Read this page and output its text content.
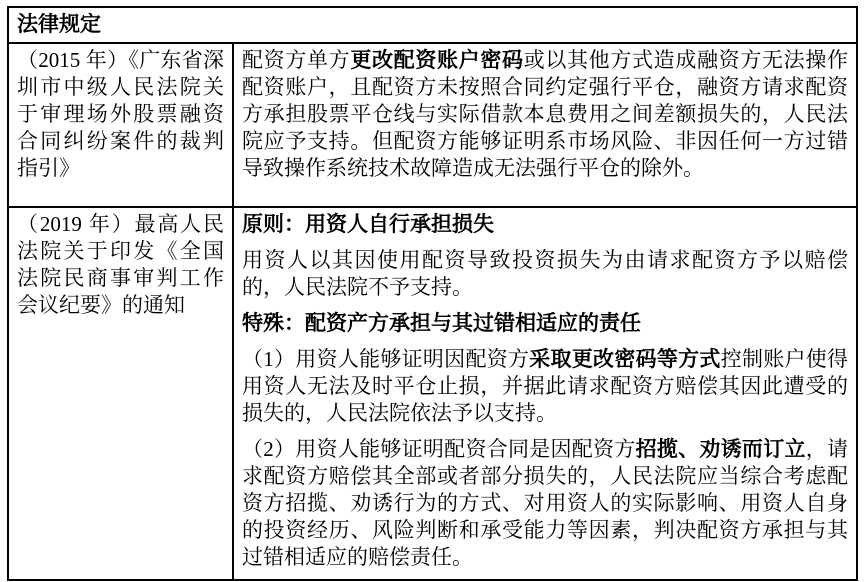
法律规定	

（2015 年）《广东省深圳市中级人民法院关于审理场外股票融资合同纠纷案件的裁判指引》	配资方单方更改配资账户密码或以其他方式造成融资方无法操作配资账户，且配资方未按照合同约定强行平仓，融资方请求配资方承担股票平仓线与实际借款本息费用之间差额损失的，人民法院应予支持。但配资方能够证明系市场风险、非因任何一方过错导致操作系统技术故障造成无法强行平仓的除外。

（2019 年）最高人民法院关于印发《全国法院民商事审判工作会议纪要》的通知	原则：用资人自行承担损失

用资人以其因使用配资导致投资损失为由请求配资方予以赔偿的，人民法院不予支持。

特殊：配资产方承担与其过错相适应的责任

（1）用资人能够证明因配资方采取更改密码等方式控制账户使得用资人无法及时平仓止损，并据此请求配资方赔偿其因此遭受的损失的，人民法院依法予以支持。

（2）用资人能够证明配资合同是因配资方招揽、劝诱而订立，请求配资方赔偿其全部或者部分损失的，人民法院应当综合考虑配资方招揽、劝诱行为的方式、对用资人的实际影响、用资人自身的投资经历、风险判断和承受能力等因素，判决配资方承担与其过错相适应的赔偿责任。
